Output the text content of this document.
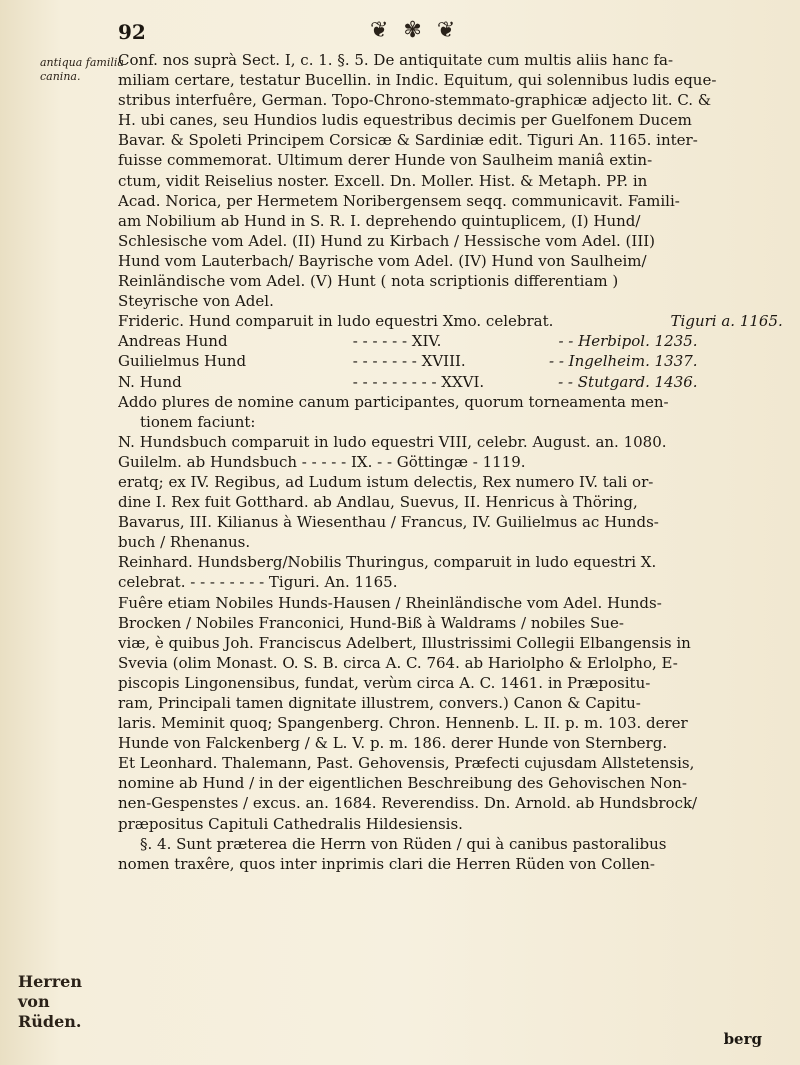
92	❦ ✾ ❦
antiqua familia canina.
Herren von Rüden.
Conf. nos suprà Sect. I, c. 1. §. 5. De antiquitate cum multis aliis hanc fa-
miliam certare, testatur Bucellin. in Indic. Equitum, qui solennibus ludis eque-
stribus interfuêre, German. Topo-Chrono-stemmato-graphicæ adjecto lit. C. &
H. ubi canes, seu Hundios ludis equestribus decimis per Guelfonem Ducem
Bavar. & Spoleti Principem Corsicæ & Sardiniæ edit. Tiguri An. 1165. inter-
fuisse commemorat. Ultimum derer Hunde von Saulheim maniâ extin-
ctum, vidit Reiselius noster. Excell. Dn. Moller. Hist. & Metaph. PP. in
Acad. Norica, per Hermetem Noribergensem seqq. communicavit. Famili-
am Nobilium ab Hund in S. R. I. deprehendo quintuplicem, (I) Hund/
Schlesische vom Adel. (II) Hund zu Kirbach / Hessische vom Adel. (III)
Hund vom Lauterbach/ Bayrische vom Adel. (IV) Hund von Saulheim/
Reinländische vom Adel. (V) Hunt ( nota scriptionis differentiam )
Steyrische von Adel.
Frideric. Hund comparuit in ludo equestri Xmo. celebrat.	Tiguri a. 1165.
Andreas Hund	- - - - - - XIV.	- - Herbipol. 1235.
Guilielmus Hund	- - - - - - - XVIII.	- - Ingelheim. 1337.
N. Hund	- - - - - - - - - XXVI.	- - Stutgard. 1436.
Addo plures de nomine canum participantes, quorum torneamenta men-
tionem faciunt:
N. Hundsbuch comparuit in ludo equestri VIII, celebr. August. an. 1080.
Guilelm. ab Hundsbuch - - - - - IX. - - Göttingæ - 1119.
eratq; ex IV. Regibus, ad Ludum istum delectis, Rex numero IV. tali or-
dine I. Rex fuit Gotthard. ab Andlau, Suevus, II. Henricus à Thöring,
Bavarus, III. Kilianus à Wiesenthau / Francus, IV. Guilielmus ac Hunds-
buch / Rhenanus.
Reinhard. Hundsberg/Nobilis Thuringus, comparuit in ludo equestri X.
celebrat. - - - - - - - - Tiguri. An. 1165.
Fuêre etiam Nobiles Hunds-Hausen / Rheinländische vom Adel. Hunds-
Brocken / Nobiles Franconici, Hund-Biß à Waldrams / nobiles Sue-
viæ, è quibus Joh. Franciscus Adelbert, Illustrissimi Collegii Elbangensis in
Svevia (olim Monast. O. S. B. circa A. C. 764. ab Hariolpho & Erlolpho, E-
piscopis Lingonensibus, fundat, verùm circa A. C. 1461. in Præpositu-
ram, Principali tamen dignitate illustrem, convers.) Canon & Capitu-
laris. Meminit quoq; Spangenberg. Chron. Hennenb. L. II. p. m. 103. derer
Hunde von Falckenberg / & L. V. p. m. 186. derer Hunde von Sternberg.
Et Leonhard. Thalemann, Past. Gehovensis, Præfecti cujusdam Allstetensis,
nomine ab Hund / in der eigentlichen Beschreibung des Gehovischen Non-
nen-Gespenstes / excus. an. 1684. Reverendiss. Dn. Arnold. ab Hundsbrock/
præpositus Capituli Cathedralis Hildesiensis.
§. 4. Sunt præterea die Herrn von Rüden / qui à canibus pastoralibus
nomen traxêre, quos inter inprimis clari die Herren Rüden von Collen-
berg
